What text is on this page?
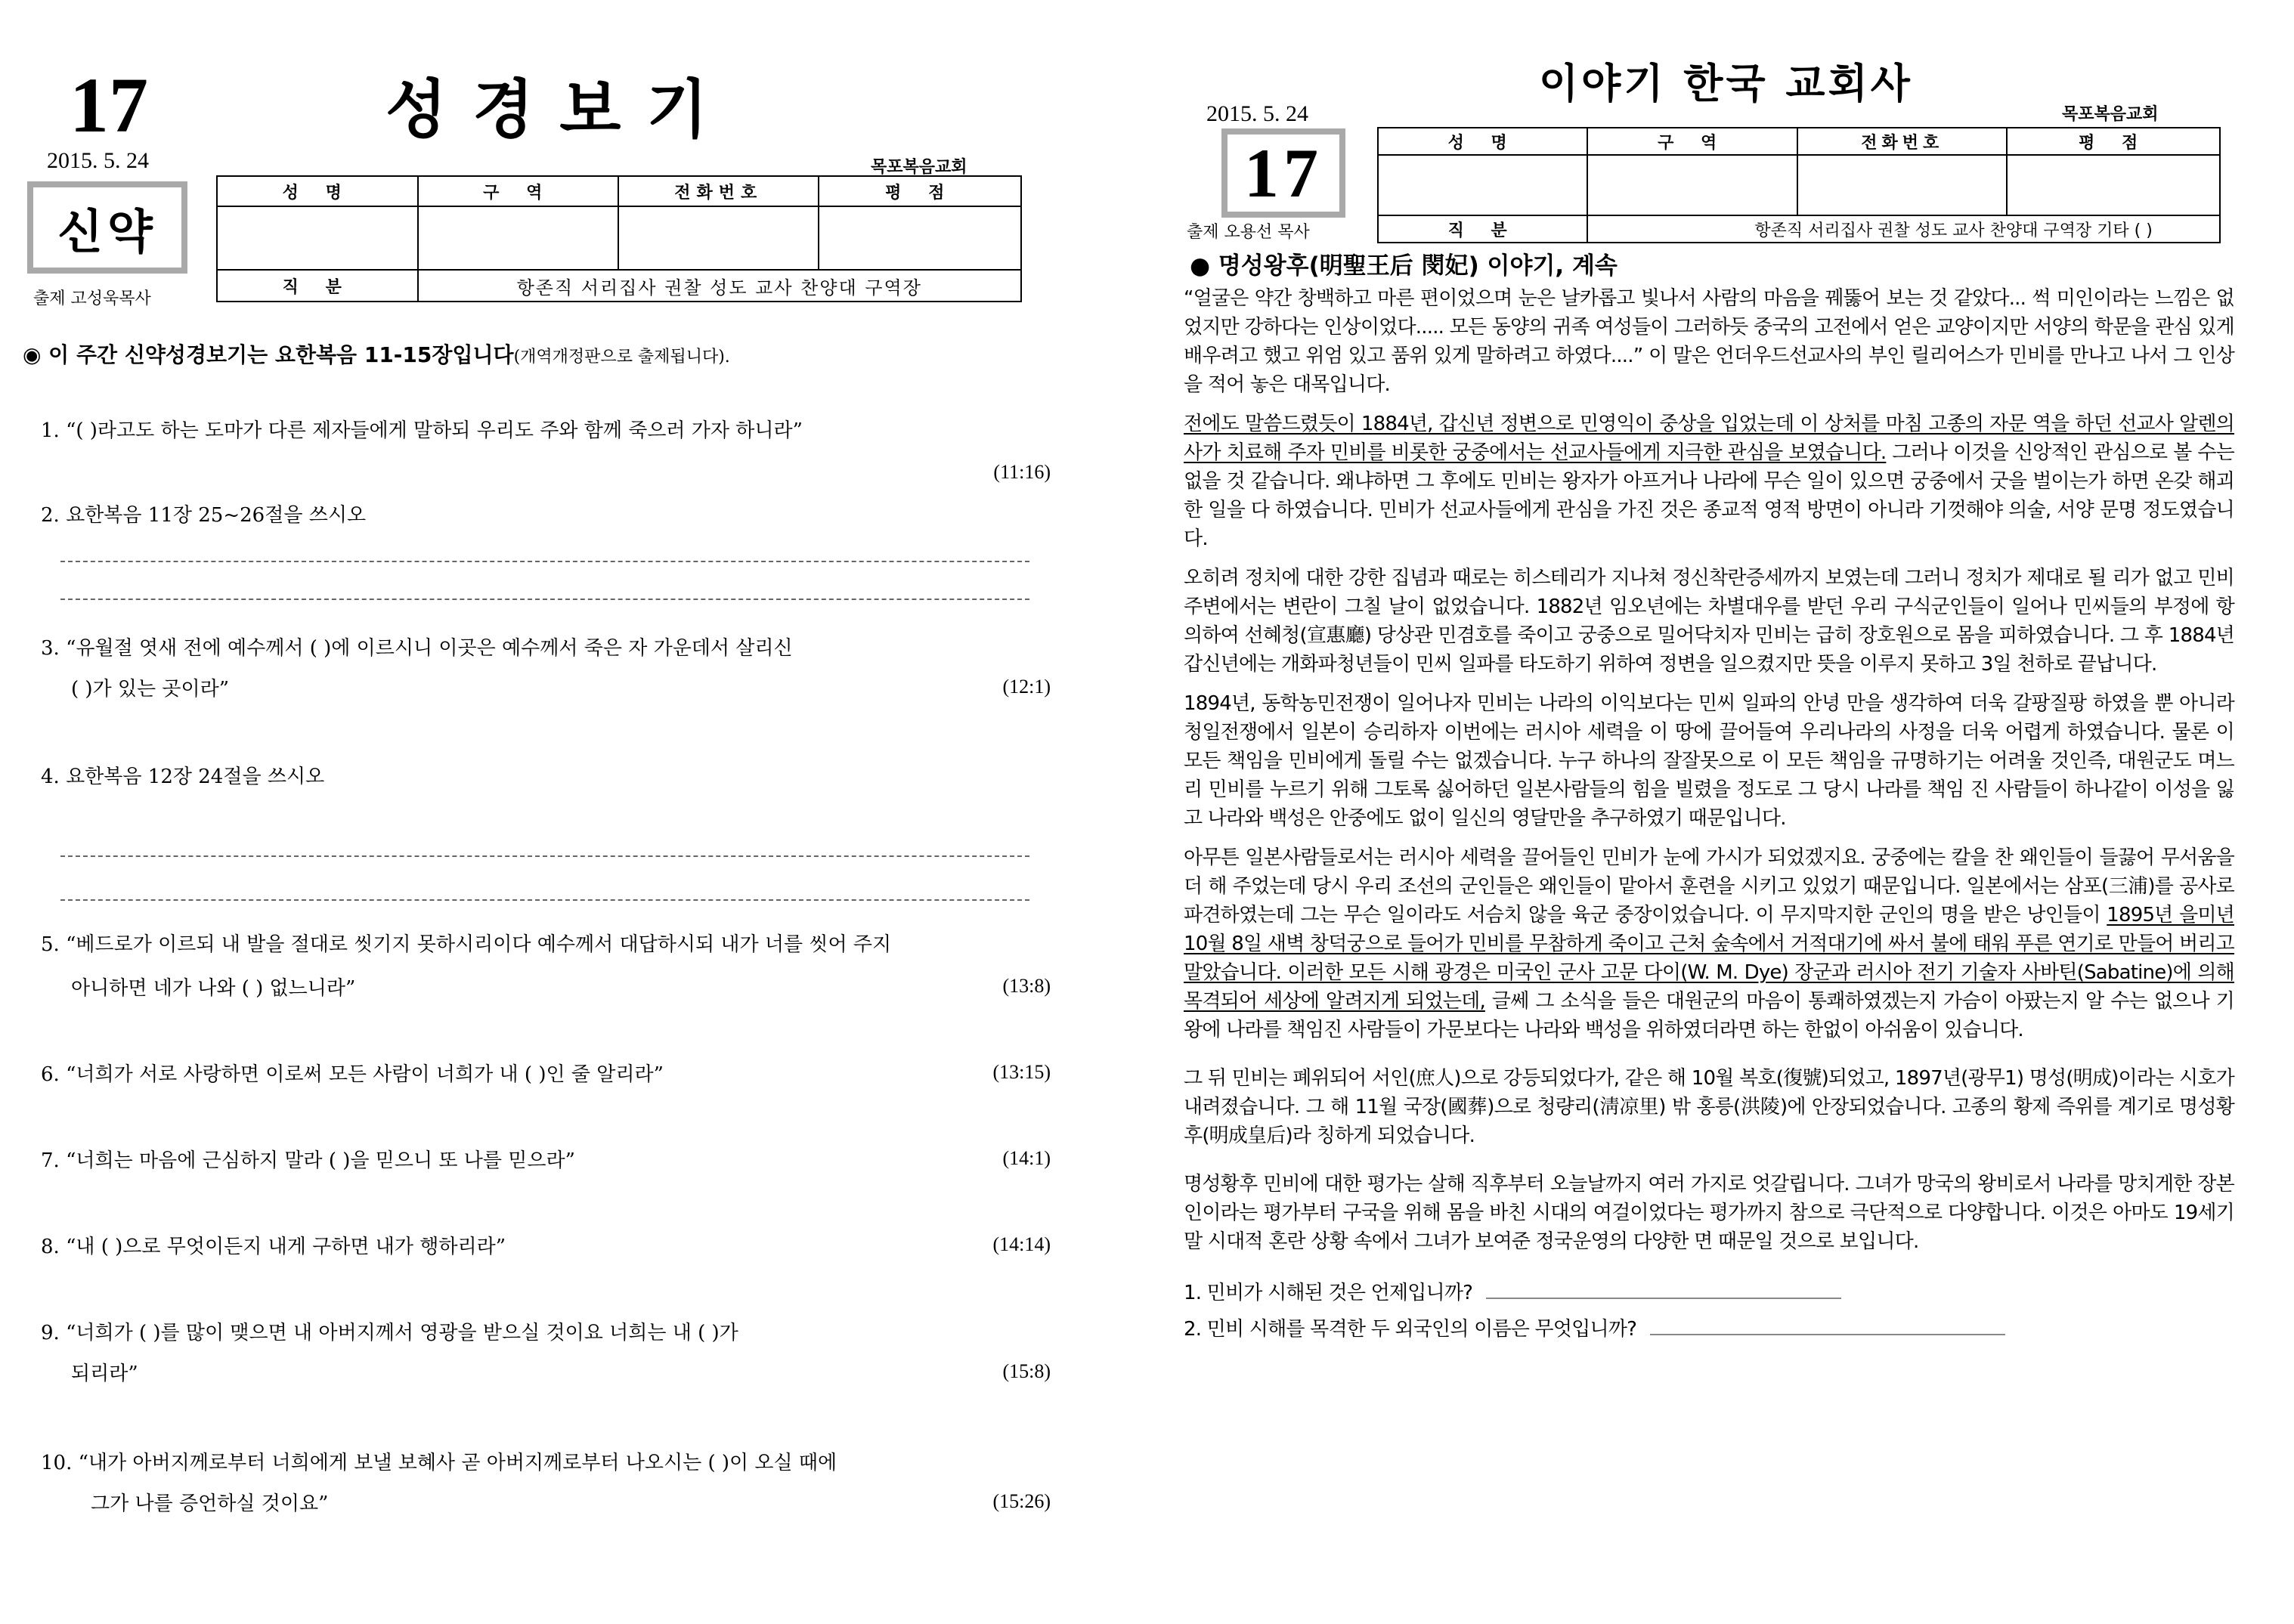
17	성경보기
2015. 5. 24	목포복음교회
신약
출제 고성욱목사
성 명	구 역	전화번호	평 점

직 분	항존직 서리집사 권찰 성도 교사 찬양대 구역장		
◉ 이 주간 신약성경보기는 요한복음 11-15장입니다(개역개정판으로 출제됩니다).
1. “( )라고도 하는 도마가 다른 제자들에게 말하되 우리도 주와 함께 죽으러 가자 하니라”
(11:16)
2. 요한복음 11장 25~26절을 쓰시오
3. “유월절 엿새 전에 예수께서 ( )에 이르시니 이곳은 예수께서 죽은 자 가운데서 살리신
( )가 있는 곳이라”	(12:1)
4. 요한복음 12장 24절을 쓰시오
5. “베드로가 이르되 내 발을 절대로 씻기지 못하시리이다 예수께서 대답하시되 내가 너를 씻어 주지
아니하면 네가 나와 ( ) 없느니라”	(13:8)
6. “너희가 서로 사랑하면 이로써 모든 사람이 너희가 내 ( )인 줄 알리라”	(13:15)
7. “너희는 마음에 근심하지 말라 ( )을 믿으니 또 나를 믿으라”	(14:1)
8. “내 ( )으로 무엇이든지 내게 구하면 내가 행하리라”	(14:14)
9. “너희가 ( )를 많이 맺으면 내 아버지께서 영광을 받으실 것이요 너희는 내 ( )가
되리라”	(15:8)
10. “내가 아버지께로부터 너희에게 보낼 보혜사 곧 아버지께로부터 나오시는 ( )이 오실 때에
그가 나를 증언하실 것이요”	(15:26)
이야기 한국 교회사
2015. 5. 24	목포복음교회
17
출제 오용선 목사
성 명	구 역	전화번호	평 점

직 분	항존직 서리집사 권찰 성도 교사 찬양대 구역장 기타 ( )		
● 명성왕후(明聖王后 閔妃) 이야기, 계속

“얼굴은 약간 창백하고 마른 편이었으며 눈은 날카롭고 빛나서 사람의 마음을 꿰뚫어 보는 것 같았다... 썩 미인이라는 느낌은 없었지만 강하다는 인상이었다..... 모든 동양의 귀족 여성들이 그러하듯 중국의 고전에서 얻은 교양이지만 서양의 학문을 관심 있게 배우려고 했고 위엄 있고 품위 있게 말하려고 하였다....” 이 말은 언더우드선교사의 부인 릴리어스가 민비를 만나고 나서 그 인상을 적어 놓은 대목입니다.

전에도 말씀드렸듯이 1884년, 갑신년 정변으로 민영익이 중상을 입었는데 이 상처를 마침 고종의 자문 역을 하던 선교사 알렌의사가 치료해 주자 민비를 비롯한 궁중에서는 선교사들에게 지극한 관심을 보였습니다. 그러나 이것을 신앙적인 관심으로 볼 수는 없을 것 같습니다. 왜냐하면 그 후에도 민비는 왕자가 아프거나 나라에 무슨 일이 있으면 궁중에서 굿을 벌이는가 하면 온갖 해괴한 일을 다 하였습니다. 민비가 선교사들에게 관심을 가진 것은 종교적 영적 방면이 아니라 기껏해야 의술, 서양 문명 정도였습니다.

오히려 정치에 대한 강한 집념과 때로는 히스테리가 지나쳐 정신착란증세까지 보였는데 그러니 정치가 제대로 될 리가 없고 민비 주변에서는 변란이 그칠 날이 없었습니다. 1882년 임오년에는 차별대우를 받던 우리 구식군인들이 일어나 민씨들의 부정에 항의하여 선혜청(宣惠廳) 당상관 민겸호를 죽이고 궁중으로 밀어닥치자 민비는 급히 장호원으로 몸을 피하였습니다. 그 후 1884년 갑신년에는 개화파청년들이 민씨 일파를 타도하기 위하여 정변을 일으켰지만 뜻을 이루지 못하고 3일 천하로 끝납니다.

1894년, 동학농민전쟁이 일어나자 민비는 나라의 이익보다는 민씨 일파의 안녕 만을 생각하여 더욱 갈팡질팡 하였을 뿐 아니라 청일전쟁에서 일본이 승리하자 이번에는 러시아 세력을 이 땅에 끌어들여 우리나라의 사정을 더욱 어렵게 하였습니다. 물론 이 모든 책임을 민비에게 돌릴 수는 없겠습니다. 누구 하나의 잘잘못으로 이 모든 책임을 규명하기는 어려울 것인즉, 대원군도 며느리 민비를 누르기 위해 그토록 싫어하던 일본사람들의 힘을 빌렸을 정도로 그 당시 나라를 책임 진 사람들이 하나같이 이성을 잃고 나라와 백성은 안중에도 없이 일신의 영달만을 추구하였기 때문입니다.

아무튼 일본사람들로서는 러시아 세력을 끌어들인 민비가 눈에 가시가 되었겠지요. 궁중에는 칼을 찬 왜인들이 들끓어 무서움을 더 해 주었는데 당시 우리 조선의 군인들은 왜인들이 맡아서 훈련을 시키고 있었기 때문입니다. 일본에서는 삼포(三浦)를 공사로 파견하였는데 그는 무슨 일이라도 서슴치 않을 육군 중장이었습니다. 이 무지막지한 군인의 명을 받은 낭인들이 1895년 을미년 10월 8일 새벽 창덕궁으로 들어가 민비를 무참하게 죽이고 근처 숲속에서 거적대기에 싸서 불에 태워 푸른 연기로 만들어 버리고 말았습니다. 이러한 모든 시해 광경은 미국인 군사 고문 다이(W. M. Dye) 장군과 러시아 전기 기술자 사바틴(Sabatine)에 의해 목격되어 세상에 알려지게 되었는데, 글쎄 그 소식을 들은 대원군의 마음이 통쾌하였겠는지 가슴이 아팠는지 알 수는 없으나 기왕에 나라를 책임진 사람들이 가문보다는 나라와 백성을 위하였더라면 하는 한없이 아쉬움이 있습니다.

그 뒤 민비는 폐위되어 서인(庶人)으로 강등되었다가, 같은 해 10월 복호(復號)되었고, 1897년(광무1) 명성(明成)이라는 시호가 내려졌습니다. 그 해 11월 국장(國葬)으로 청량리(淸凉里) 밖 홍릉(洪陵)에 안장되었습니다. 고종의 황제 즉위를 계기로 명성황후(明成皇后)라 칭하게 되었습니다.

명성황후 민비에 대한 평가는 살해 직후부터 오늘날까지 여러 가지로 엇갈립니다. 그녀가 망국의 왕비로서 나라를 망치게한 장본인이라는 평가부터 구국을 위해 몸을 바친 시대의 여걸이었다는 평가까지 참으로 극단적으로 다양합니다. 이것은 아마도 19세기 말 시대적 혼란 상황 속에서 그녀가 보여준 정국운영의 다양한 면 때문일 것으로 보입니다.

1. 민비가 시해된 것은 언제입니까?
2. 민비 시해를 목격한 두 외국인의 이름은 무엇입니까?
